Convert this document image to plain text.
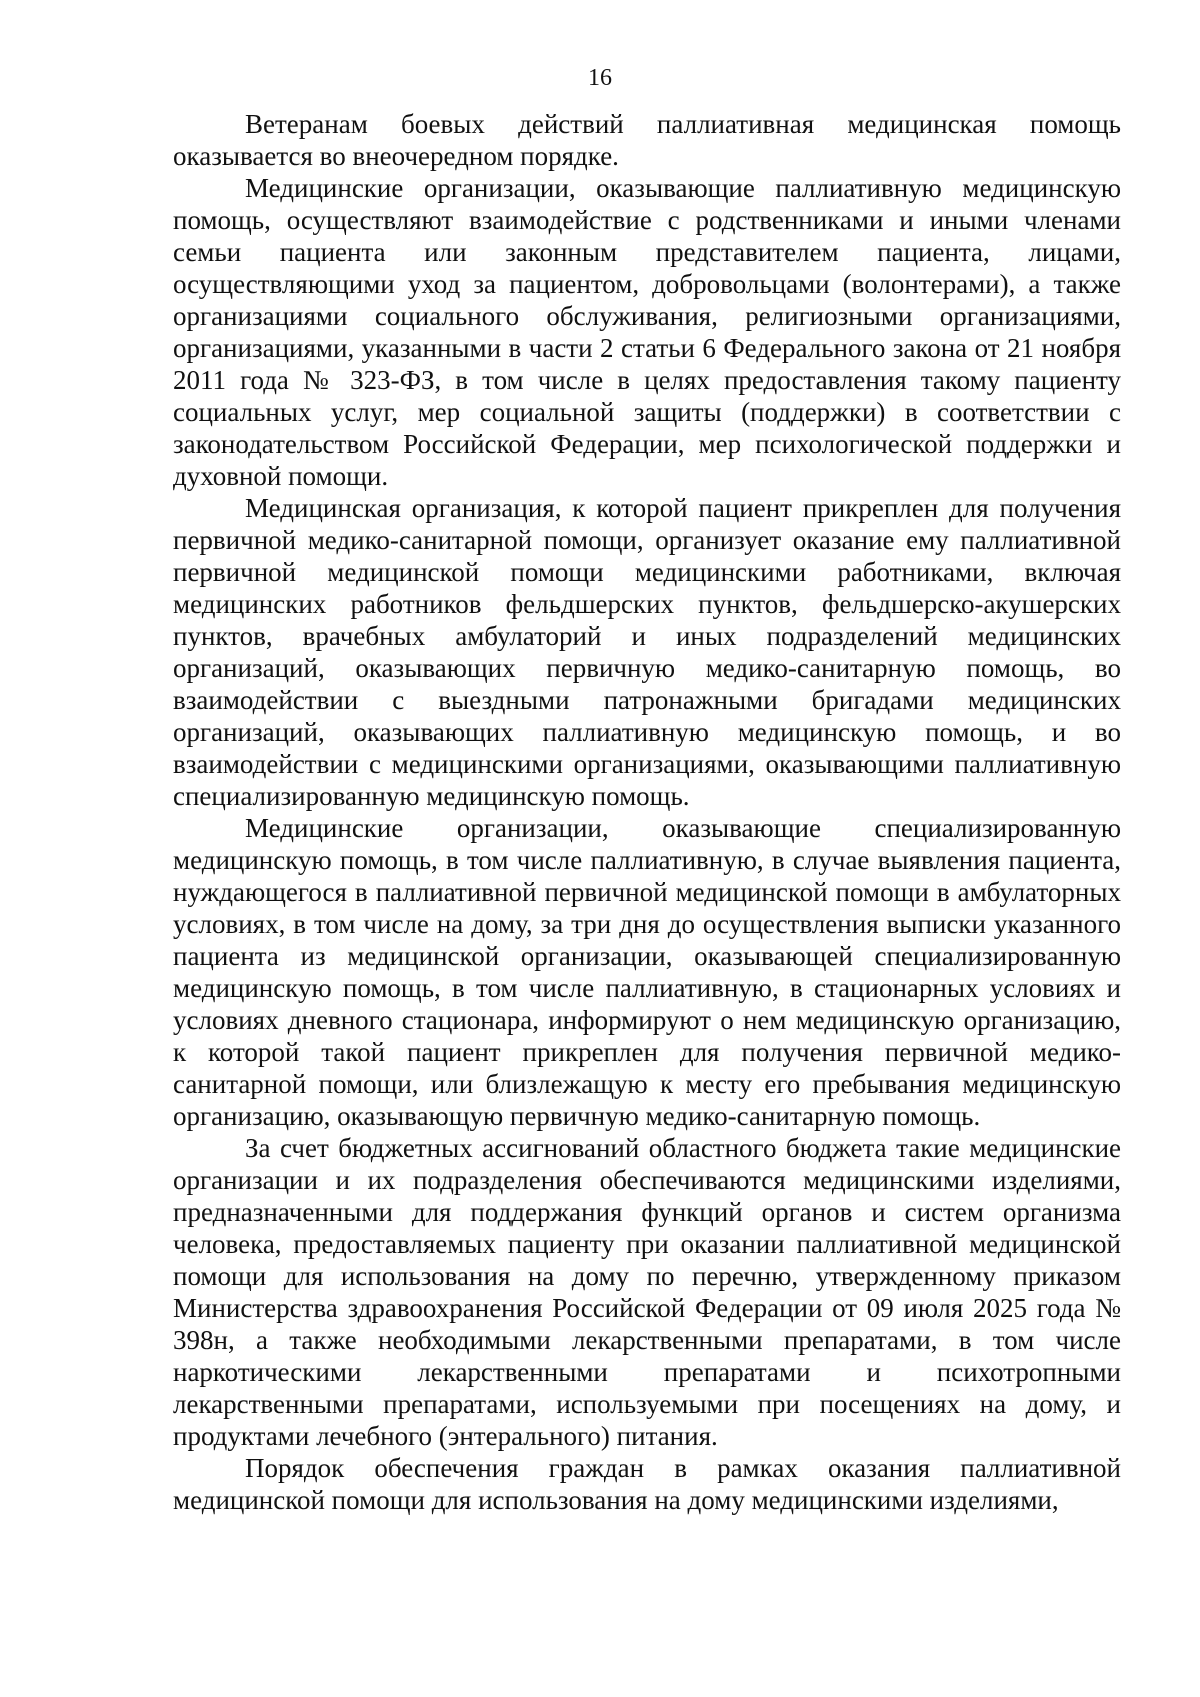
16

Ветеранам боевых действий паллиативная медицинская помощь оказывается во внеочередном порядке.

Медицинские организации, оказывающие паллиативную медицинскую помощь, осуществляют взаимодействие с родственниками и иными членами семьи пациента или законным представителем пациента, лицами, осуществляющими уход за пациентом, добровольцами (волонтерами), а также организациями социального обслуживания, религиозными организациями, организациями, указанными в части 2 статьи 6 Федерального закона от 21 ноября 2011 года № 323-ФЗ, в том числе в целях предоставления такому пациенту социальных услуг, мер социальной защиты (поддержки) в соответствии с законодательством Российской Федерации, мер психологической поддержки и духовной помощи.

Медицинская организация, к которой пациент прикреплен для получения первичной медико-санитарной помощи, организует оказание ему паллиативной первичной медицинской помощи медицинскими работниками, включая медицинских работников фельдшерских пунктов, фельдшерско-акушерских пунктов, врачебных амбулаторий и иных подразделений медицинских организаций, оказывающих первичную медико-санитарную помощь, во взаимодействии с выездными патронажными бригадами медицинских организаций, оказывающих паллиативную медицинскую помощь, и во взаимодействии с медицинскими организациями, оказывающими паллиативную специализированную медицинскую помощь.

Медицинские организации, оказывающие специализированную медицинскую помощь, в том числе паллиативную, в случае выявления пациента, нуждающегося в паллиативной первичной медицинской помощи в амбулаторных условиях, в том числе на дому, за три дня до осуществления выписки указанного пациента из медицинской организации, оказывающей специализированную медицинскую помощь, в том числе паллиативную, в стационарных условиях и условиях дневного стационара, информируют о нем медицинскую организацию, к которой такой пациент прикреплен для получения первичной медико-санитарной помощи, или близлежащую к месту его пребывания медицинскую организацию, оказывающую первичную медико-санитарную помощь.

За счет бюджетных ассигнований областного бюджета такие медицинские организации и их подразделения обеспечиваются медицинскими изделиями, предназначенными для поддержания функций органов и систем организма человека, предоставляемых пациенту при оказании паллиативной медицинской помощи для использования на дому по перечню, утвержденному приказом Министерства здравоохранения Российской Федерации от 09 июля 2025 года № 398н, а также необходимыми лекарственными препаратами, в том числе наркотическими лекарственными препаратами и психотропными лекарственными препаратами, используемыми при посещениях на дому, и продуктами лечебного (энтерального) питания.

Порядок обеспечения граждан в рамках оказания паллиативной медицинской помощи для использования на дому медицинскими изделиями,
